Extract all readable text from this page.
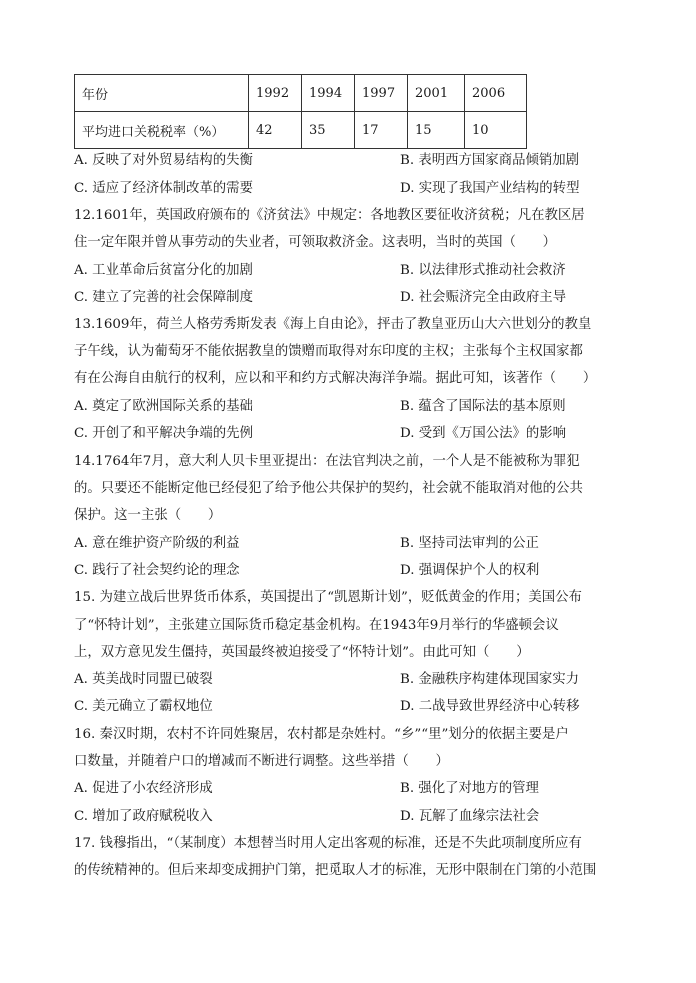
年份	1992	1994	1997	2001	2006
平均进口关税税率（%）	42	35	17	15	10
A. 反映了对外贸易结构的失衡	B. 表明西方国家商品倾销加剧
C. 适应了经济体制改革的需要	D. 实现了我国产业结构的转型
12.1601年，英国政府颁布的《济贫法》中规定：各地教区要征收济贫税；凡在教区居
住一定年限并曾从事劳动的失业者，可领取救济金。这表明，当时的英国（　　）
A. 工业革命后贫富分化的加剧	B. 以法律形式推动社会救济
C. 建立了完善的社会保障制度	D. 社会赈济完全由政府主导
13.1609年，荷兰人格劳秀斯发表《海上自由论》，抨击了教皇亚历山大六世划分的教皇
子午线，认为葡萄牙不能依据教皇的馈赠而取得对东印度的主权；主张每个主权国家都
有在公海自由航行的权利，应以和平和约方式解决海洋争端。据此可知，该著作（　　）
A. 奠定了欧洲国际关系的基础	B. 蕴含了国际法的基本原则
C. 开创了和平解决争端的先例	D. 受到《万国公法》的影响
14.1764年7月，意大利人贝卡里亚提出：在法官判决之前，一个人是不能被称为罪犯
的。只要还不能断定他已经侵犯了给予他公共保护的契约，社会就不能取消对他的公共
保护。这一主张（　　）
A. 意在维护资产阶级的利益	B. 坚持司法审判的公正
C. 践行了社会契约论的理念	D. 强调保护个人的权利
15. 为建立战后世界货币体系，英国提出了“凯恩斯计划”，贬低黄金的作用；美国公布
了“怀特计划”，主张建立国际货币稳定基金机构。在1943年9月举行的华盛顿会议
上，双方意见发生僵持，英国最终被迫接受了“怀特计划”。由此可知（　　）
A. 英美战时同盟已破裂	B. 金融秩序构建体现国家实力
C. 美元确立了霸权地位	D. 二战导致世界经济中心转移
16. 秦汉时期，农村不许同姓聚居，农村都是杂姓村。“乡”“里”划分的依据主要是户
口数量，并随着户口的增减而不断进行调整。这些举措（　　）
A. 促进了小农经济形成	B. 强化了对地方的管理
C. 增加了政府赋税收入	D. 瓦解了血缘宗法社会
17. 钱穆指出，“（某制度）本想替当时用人定出客观的标准，还是不失此项制度所应有
的传统精神的。但后来却变成拥护门第，把觅取人才的标准，无形中限制在门第的小范围
